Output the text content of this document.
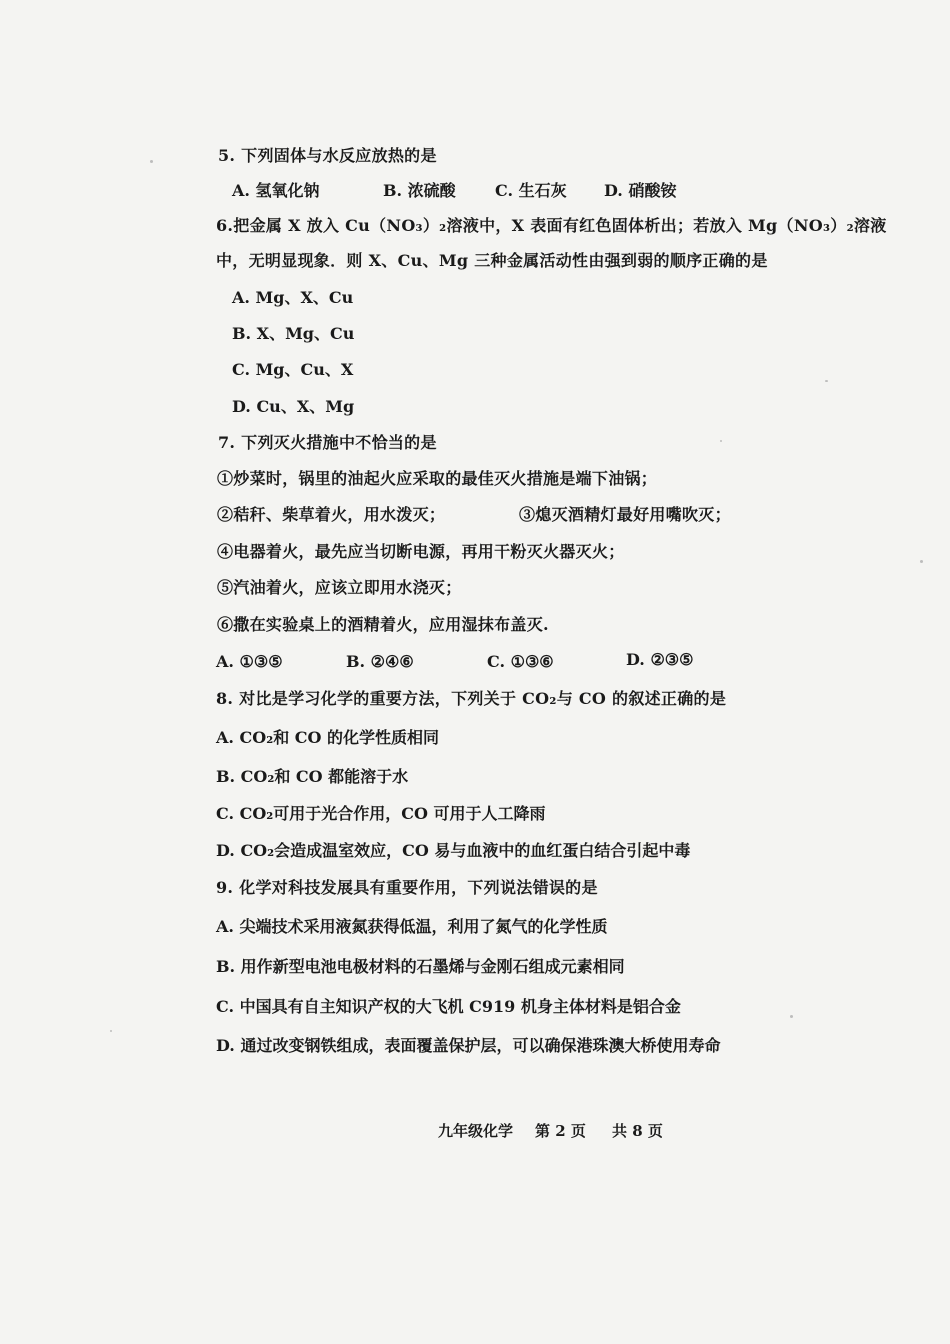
5. 下列固体与水反应放热的是
A. 氢氧化钠	B. 浓硫酸 C. 生石灰 D. 硝酸铵
6.把金属 X 放入 Cu（NO₃）₂溶液中，X 表面有红色固体析出；若放入 Mg（NO₃）₂溶液
中，无明显现象．则 X、Cu、Mg 三种金属活动性由强到弱的顺序正确的是
A. Mg、X、Cu
B. X、Mg、Cu
C. Mg、Cu、X
D. Cu、X、Mg
7. 下列灭火措施中不恰当的是
①炒菜时，锅里的油起火应采取的最佳灭火措施是端下油锅；
②秸秆、柴草着火，用水泼灭；	③熄灭酒精灯最好用嘴吹灭；
④电器着火，最先应当切断电源，再用干粉灭火器灭火；
⑤汽油着火，应该立即用水浇灭；
⑥撒在实验桌上的酒精着火，应用湿抹布盖灭.
A. ①③⑤	B. ②④⑥	C. ①③⑥	D. ②③⑤
8. 对比是学习化学的重要方法，下列关于 CO₂与 CO 的叙述正确的是
A. CO₂和 CO 的化学性质相同
B. CO₂和 CO 都能溶于水
C. CO₂可用于光合作用，CO 可用于人工降雨
D. CO₂会造成温室效应，CO 易与血液中的血红蛋白结合引起中毒
9. 化学对科技发展具有重要作用，下列说法错误的是
A. 尖端技术采用液氮获得低温，利用了氮气的化学性质
B. 用作新型电池电极材料的石墨烯与金刚石组成元素相同
C. 中国具有自主知识产权的大飞机 C919 机身主体材料是铝合金
D. 通过改变钢铁组成，表面覆盖保护层，可以确保港珠澳大桥使用寿命
九年级化学 第 2 页 共 8 页
